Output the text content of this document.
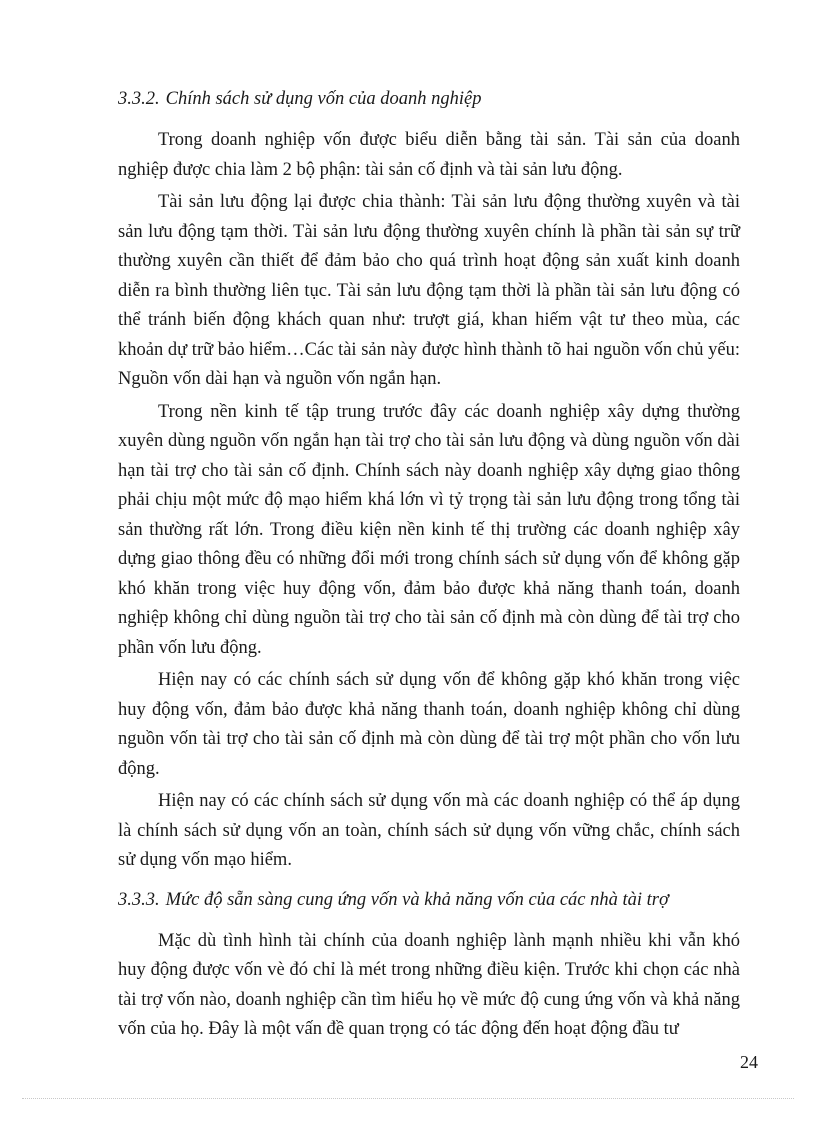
3.3.2. Chính sách sử dụng vốn của doanh nghiệp

Trong doanh nghiệp vốn được biểu diễn bằng tài sản. Tài sản của doanh nghiệp được chia làm 2 bộ phận: tài sản cố định và tài sản lưu động.

Tài sản lưu động lại được chia thành: Tài sản lưu động thường xuyên và tài sản lưu động tạm thời. Tài sản lưu động thường xuyên chính là phần tài sản sự trữ thường xuyên cần thiết để đảm bảo cho quá trình hoạt động sản xuất kinh doanh diễn ra bình thường liên tục. Tài sản lưu động tạm thời là phần tài sản lưu động có thể tránh biến động khách quan như: trượt giá, khan hiếm vật tư theo mùa, các khoản dự trữ bảo hiểm…Các tài sản này được hình thành tõ hai nguồn vốn chủ yếu: Nguồn vốn dài hạn và nguồn vốn ngắn hạn.

Trong nền kinh tế tập trung trước đây các doanh nghiệp xây dựng thường xuyên dùng nguồn vốn ngắn hạn tài trợ cho tài sản lưu động và dùng nguồn vốn dài hạn tài trợ cho tài sản cố định. Chính sách này doanh nghiệp xây dựng giao thông phải chịu một mức độ mạo hiểm khá lớn vì tỷ trọng tài sản lưu động trong tổng tài sản thường rất lớn. Trong điều kiện nền kinh tế thị trường các doanh nghiệp xây dựng giao thông đều có những đổi mới trong chính sách sử dụng vốn để không gặp khó khăn trong việc huy động vốn, đảm bảo được khả năng thanh toán, doanh nghiệp không chỉ dùng nguồn tài trợ cho tài sản cố định mà còn dùng để tài trợ cho phần vốn lưu động.

Hiện nay có các chính sách sử dụng vốn để không gặp khó khăn trong việc huy động vốn, đảm bảo được khả năng thanh toán, doanh nghiệp không chỉ dùng nguồn vốn tài trợ cho tài sản cố định mà còn dùng để tài trợ một phần cho vốn lưu động.

Hiện nay có các chính sách sử dụng vốn mà các doanh nghiệp có thể áp dụng là chính sách sử dụng vốn an toàn, chính sách sử dụng vốn vững chắc, chính sách sử dụng vốn mạo hiểm.

3.3.3. Mức độ sẵn sàng cung ứng vốn và khả năng vốn của các nhà tài trợ

Mặc dù tình hình tài chính của doanh nghiệp lành mạnh nhiều khi vẫn khó huy động được vốn vè đó chỉ là mét trong những điều kiện. Trước khi chọn các nhà tài trợ vốn nào, doanh nghiệp cần tìm hiểu họ về mức độ cung ứng vốn và khả năng vốn của họ. Đây là một vấn đề quan trọng có tác động đến hoạt động đầu tư

24
